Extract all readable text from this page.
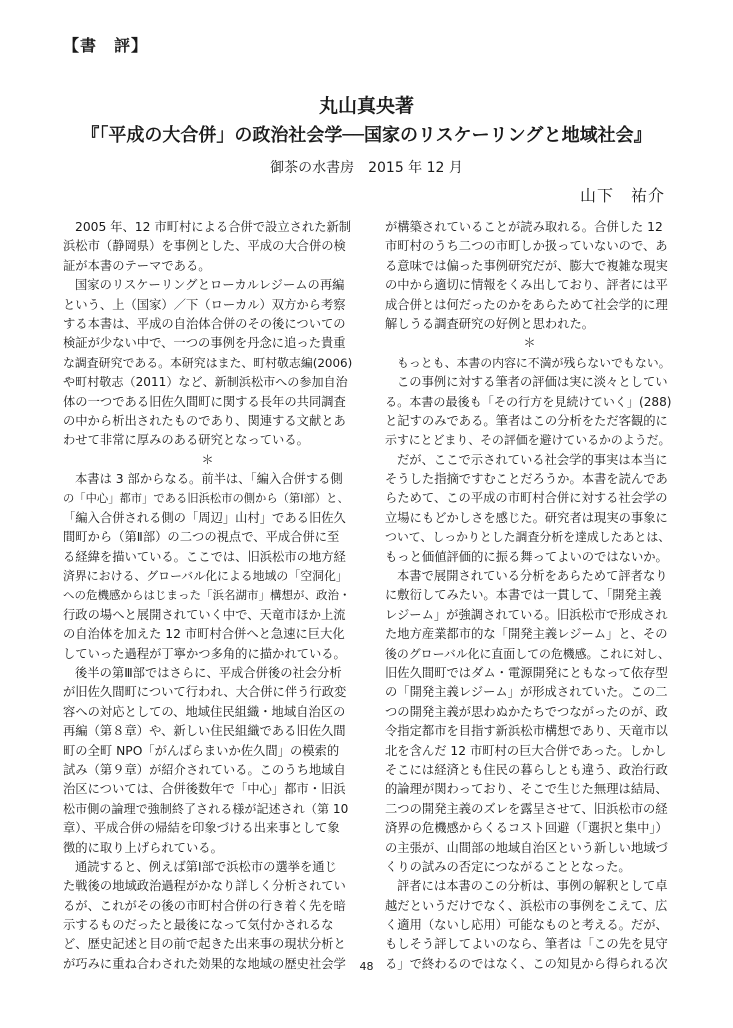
【書　評】
丸山真央著
『「平成の大合併」の政治社会学──国家のリスケーリングと地域社会』
御茶の水書房　2015 年 12 月
山下　祐介
2005 年、12 市町村による合併で設立された新制
浜松市（静岡県）を事例とした、平成の大合併の検
証が本書のテーマである。
国家のリスケーリングとローカルレジームの再編
という、上（国家）／下（ローカル）双方から考察
する本書は、平成の自治体合併のその後についての
検証が少ない中で、一つの事例を丹念に追った貴重
な調査研究である。本研究はまた、町村敬志編(2006)
や町村敬志（2011）など、新制浜松市への参加自治
体の一つである旧佐久間町に関する長年の共同調査
の中から析出されたものであり、関連する文献とあ
わせて非常に厚みのある研究となっている。
＊
本書は 3 部からなる。前半は、「編入合併する側
の「中心」都市」である旧浜松市の側から（第Ⅰ部）と、
「編入合併される側の「周辺」山村」である旧佐久
間町から（第Ⅱ部）の二つの視点で、平成合併に至
る経緯を描いている。ここでは、旧浜松市の地方経
済界における、グローバル化による地域の「空洞化」
への危機感からはじまった「浜名湖市」構想が、政治・
行政の場へと展開されていく中で、天竜市ほか上流
の自治体を加えた 12 市町村合併へと急速に巨大化
していった過程が丁寧かつ多角的に描かれている。
後半の第Ⅲ部ではさらに、平成合併後の社会分析
が旧佐久間町について行われ、大合併に伴う行政変
容への対応としての、地域住民組織・地域自治区の
再編（第８章）や、新しい住民組織である旧佐久間
町の全町 NPO「がんばらまいか佐久間」の模索的
試み（第９章）が紹介されている。このうち地域自
治区については、合併後数年で「中心」都市・旧浜
松市側の論理で強制終了される様が記述され（第 10
章）、平成合併の帰結を印象づける出来事として象
徴的に取り上げられている。
通読すると、例えば第Ⅰ部で浜松市の選挙を通じ
た戦後の地域政治過程がかなり詳しく分析されてい
るが、これがその後の市町村合併の行き着く先を暗
示するものだったと最後になって気付かされるな
ど、歴史記述と目の前で起きた出来事の現状分析と
が巧みに重ね合わされた効果的な地域の歴史社会学
が構築されていることが読み取れる。合併した 12
市町村のうち二つの市町しか扱っていないので、あ
る意味では偏った事例研究だが、膨大で複雑な現実
の中から適切に情報をくみ出しており、評者には平
成合併とは何だったのかをあらためて社会学的に理
解しうる調査研究の好例と思われた。
＊
もっとも、本書の内容に不満が残らないでもない。
この事例に対する筆者の評価は実に淡々としてい
る。本書の最後も「その行方を見続けていく」(288)
と記すのみである。筆者はこの分析をただ客観的に
示すにとどまり、その評価を避けているかのようだ。
だが、ここで示されている社会学的事実は本当に
そうした指摘ですむことだろうか。本書を読んであ
らためて、この平成の市町村合併に対する社会学の
立場にもどかしさを感じた。研究者は現実の事象に
ついて、しっかりとした調査分析を達成したあとは、
もっと価値評価的に振る舞ってよいのではないか。
本書で展開されている分析をあらためて評者なり
に敷衍してみたい。本書では一貫して、「開発主義
レジーム」が強調されている。旧浜松市で形成され
た地方産業都市的な「開発主義レジーム」と、その
後のグローバル化に直面しての危機感。これに対し、
旧佐久間町ではダム・電源開発にともなって依存型
の「開発主義レジーム」が形成されていた。この二
つの開発主義が思わぬかたちでつながったのが、政
令指定都市を目指す新浜松市構想であり、天竜市以
北を含んだ 12 市町村の巨大合併であった。しかし
そこには経済とも住民の暮らしとも違う、政治行政
的論理が関わっており、そこで生じた無理は結局、
二つの開発主義のズレを露呈させて、旧浜松市の経
済界の危機感からくるコスト回避（「選択と集中」）
の主張が、山間部の地域自治区という新しい地域づ
くりの試みの否定につながることとなった。
評者には本書のこの分析は、事例の解釈として卓
越だというだけでなく、浜松市の事例をこえて、広
く適用（ないし応用）可能なものと考える。だが、
もしそう評してよいのなら、筆者は「この先を見守
る」で終わるのではなく、この知見から得られる次
48
